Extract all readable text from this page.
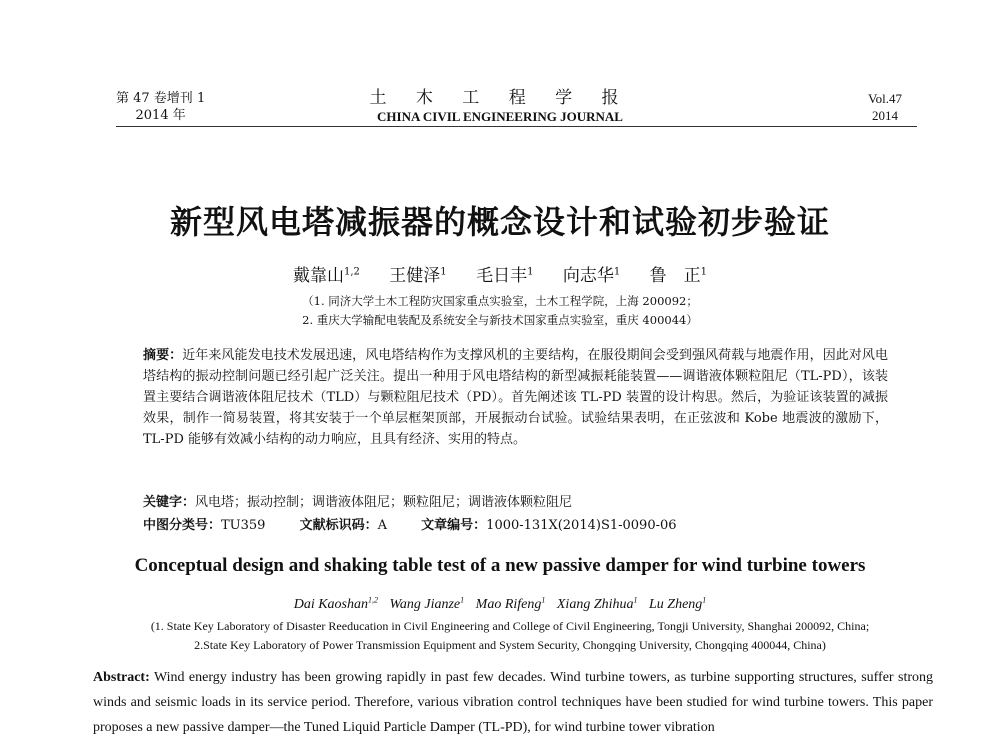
第 47 卷增刊 1
2014 年
土 木 工 程 学 报
CHINA CIVIL ENGINEERING JOURNAL
Vol.47
2014
新型风电塔减振器的概念设计和试验初步验证
戴靠山$^{1,2}$ 王健泽$^1$ 毛日丰$^1$ 向志华$^1$ 鲁　正$^1$
（1. 同济大学土木工程防灾国家重点实验室，土木工程学院，上海 200092；
2. 重庆大学输配电装配及系统安全与新技术国家重点实验室，重庆 400044）
摘要：近年来风能发电技术发展迅速，风电塔结构作为支撑风机的主要结构，在服役期间会受到强风荷载与地震作用，因此对风电塔结构的振动控制问题已经引起广泛关注。提出一种用于风电塔结构的新型减振耗能装置——调谐液体颗粒阻尼（TL-PD），该装置主要结合调谐液体阻尼技术（TLD）与颗粒阻尼技术（PD）。首先阐述该 TL-PD 装置的设计构思。然后，为验证该装置的减振效果，制作一简易装置，将其安装于一个单层框架顶部，开展振动台试验。试验结果表明，在正弦波和 Kobe 地震波的激励下，TL-PD 能够有效减小结构的动力响应，且具有经济、实用的特点。
关键字：风电塔；振动控制；调谐液体阻尼；颗粒阻尼；调谐液体颗粒阻尼
中图分类号：TU359	文献标识码：A	文章编号：1000-131X(2014)S1-0090-06
Conceptual design and shaking table test of a new passive damper for wind turbine towers
Dai Kaoshan$^{1,2}$ Wang Jianze$^1$ Mao Rifeng$^1$ Xiang Zhihua$^1$ Lu Zheng$^1$
(1. State Key Laboratory of Disaster Reeducation in Civil Engineering and College of Civil Engineering, Tongji University, Shanghai 200092, China;
2.State Key Laboratory of Power Transmission Equipment and System Security, Chongqing University, Chongqing 400044, China)
Abstract: Wind energy industry has been growing rapidly in past few decades. Wind turbine towers, as turbine supporting structures, suffer strong winds and seismic loads in its service period. Therefore, various vibration control techniques have been studied for wind turbine towers. This paper proposes a new passive damper—the Tuned Liquid Particle Damper (TL-PD), for wind turbine tower vibration
